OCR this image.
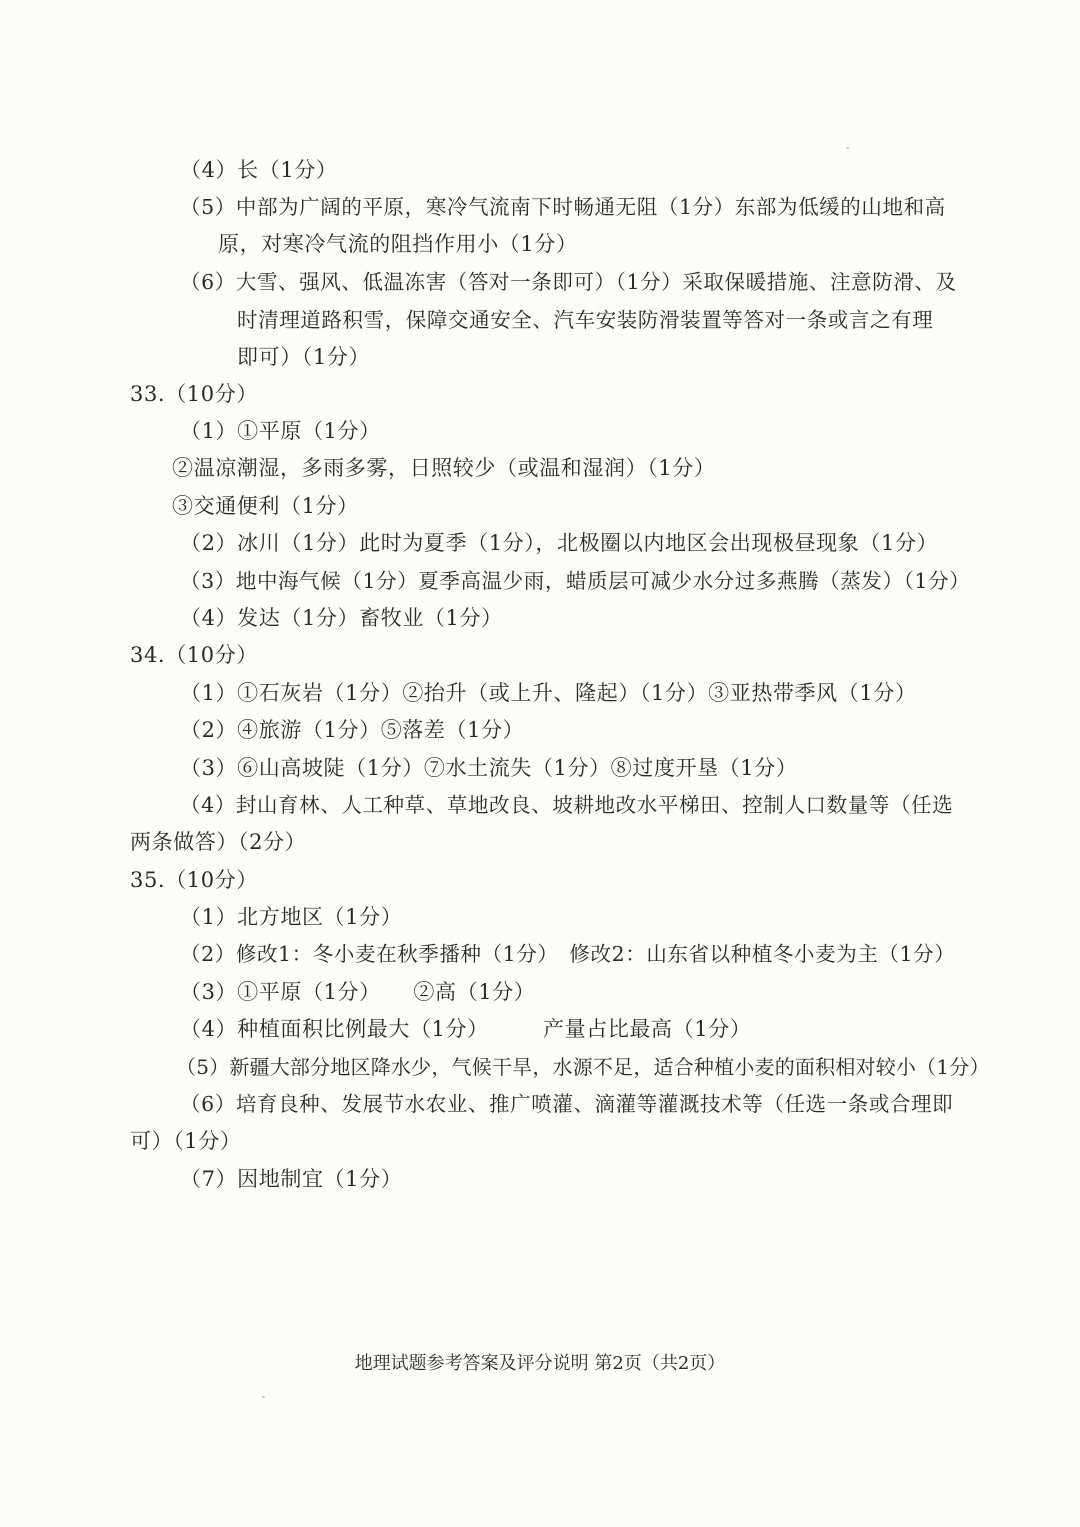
（4）长（1分）
（5）中部为广阔的平原，寒冷气流南下时畅通无阻（1分）东部为低缓的山地和高
原，对寒冷气流的阻挡作用小（1分）
（6）大雪、强风、低温冻害（答对一条即可）（1分）采取保暖措施、注意防滑、及
时清理道路积雪，保障交通安全、汽车安装防滑装置等答对一条或言之有理
即可）（1分）
33.（10分）
（1）①平原（1分）
②温凉潮湿，多雨多雾，日照较少（或温和湿润）（1分）
③交通便利（1分）
（2）冰川（1分）此时为夏季（1分），北极圈以内地区会出现极昼现象（1分）
（3）地中海气候（1分）夏季高温少雨，蜡质层可减少水分过多燕腾（蒸发）（1分）
（4）发达（1分）畜牧业（1分）
34.（10分）
（1）①石灰岩（1分）②抬升（或上升、隆起）（1分）③亚热带季风（1分）
（2）④旅游（1分）⑤落差（1分）
（3）⑥山高坡陡（1分）⑦水土流失（1分）⑧过度开垦（1分）
（4）封山育林、人工种草、草地改良、坡耕地改水平梯田、控制人口数量等（任选
两条做答）（2分）
35.（10分）
（1）北方地区（1分）
（2）修改1：冬小麦在秋季播种（1分）　修改2：山东省以种植冬小麦为主（1分）
（3）①平原（1分）　　②高（1分）
（4）种植面积比例最大（1分）　　　产量占比最高（1分）
（5）新疆大部分地区降水少，气候干旱，水源不足，适合种植小麦的面积相对较小（1分）
（6）培育良种、发展节水农业、推广喷灌、滴灌等灌溉技术等（任选一条或合理即
可）（1分）
（7）因地制宜（1分）
地理试题参考答案及评分说明 第2页（共2页）
